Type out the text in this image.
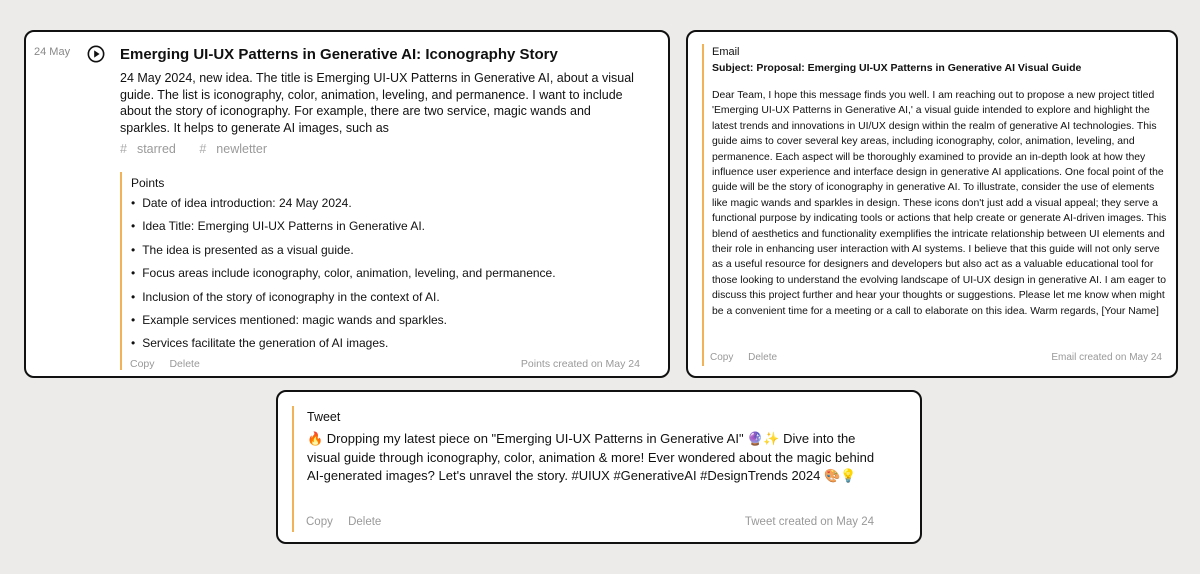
24 May	Emerging UI-UX Patterns in Generative AI: Iconography Story
24 May 2024, new idea. The title is Emerging UI-UX Patterns in Generative AI, about a visual guide. The list is iconography, color, animation, leveling, and permanence. I want to include about the story of iconography. For example, there are two service, magic wands and sparkles. It helps to generate AI images, such as
# starred # newletter
Points
• Date of idea introduction: 24 May 2024.
• Idea Title: Emerging UI-UX Patterns in Generative AI.
• The idea is presented as a visual guide.
• Focus areas include iconography, color, animation, leveling, and permanence.
• Inclusion of the story of iconography in the context of AI.
• Example services mentioned: magic wands and sparkles.
• Services facilitate the generation of AI images.
Copy Delete	Points created on May 24
Email
Subject: Proposal: Emerging UI-UX Patterns in Generative AI Visual Guide
Dear Team, I hope this message finds you well. I am reaching out to propose a new project titled 'Emerging UI-UX Patterns in Generative AI,' a visual guide intended to explore and highlight the latest trends and innovations in UI/UX design within the realm of generative AI technologies. This guide aims to cover several key areas, including iconography, color, animation, leveling, and permanence. Each aspect will be thoroughly examined to provide an in-depth look at how they influence user experience and interface design in generative AI applications. One focal point of the guide will be the story of iconography in generative AI. To illustrate, consider the use of elements like magic wands and sparkles in design. These icons don't just add a visual appeal; they serve a functional purpose by indicating tools or actions that help create or generate AI-driven images. This blend of aesthetics and functionality exemplifies the intricate relationship between UI elements and their role in enhancing user interaction with AI systems. I believe that this guide will not only serve as a useful resource for designers and developers but also act as a valuable educational tool for those looking to understand the evolving landscape of UI-UX design in generative AI. I am eager to discuss this project further and hear your thoughts or suggestions. Please let me know when might be a convenient time for a meeting or a call to elaborate on this idea. Warm regards, [Your Name]
Copy Delete	Email created on May 24
Tweet
🔥 Dropping my latest piece on "Emerging UI-UX Patterns in Generative AI" 🔮✨ Dive into the visual guide through iconography, color, animation & more! Ever wondered about the magic behind AI-generated images? Let's unravel the story. #UIUX #GenerativeAI #DesignTrends 2024 🎨💡
Copy Delete	Tweet created on May 24
